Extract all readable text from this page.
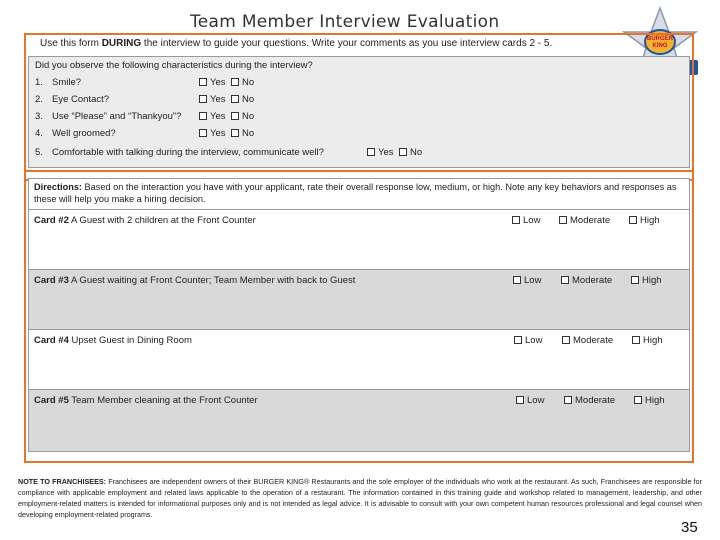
Team Member Interview Evaluation
BURGER
KING
Use this form DURING the interview to guide your questions. Write your comments as you use interview cards 2 - 5.
Did you observe the following characteristics during the interview?
1. Smile?	Yes	No
2. Eye Contact?	Yes	No
3. Use “Please” and “Thankyou”?	Yes	No
4. Well groomed?	Yes	No
5. Comfortable with talking during the interview, communicate well?	Yes	No
Directions: Based on the interaction you have with your applicant, rate their overall response low, medium, or high. Note any key behaviors and responses as these will help you make a hiring decision.
Card #2 A Guest with 2 children at the Front Counter	Low	Moderate	High
Card #3 A Guest waiting at Front Counter; Team Member with back to Guest	Low	Moderate	High
Card #4 Upset Guest in Dining Room	Low	Moderate	High
Card #5 Team Member cleaning at the Front Counter	Low	Moderate	High
NOTE TO FRANCHISEES: Franchisees are independent owners of their BURGER KING® Restaurants and the sole employer of the individuals who work at the restaurant. As such, Franchisees are responsible for compliance with applicable employment and related laws applicable to the operation of a restaurant. The information contained in this training guide and workshop related to management, leadership, and other employment-related matters is intended for informational purposes only and is not intended as legal advice. It is advisable to consult with your own competent human resources professional and legal counsel when developing employment-related programs.
35
